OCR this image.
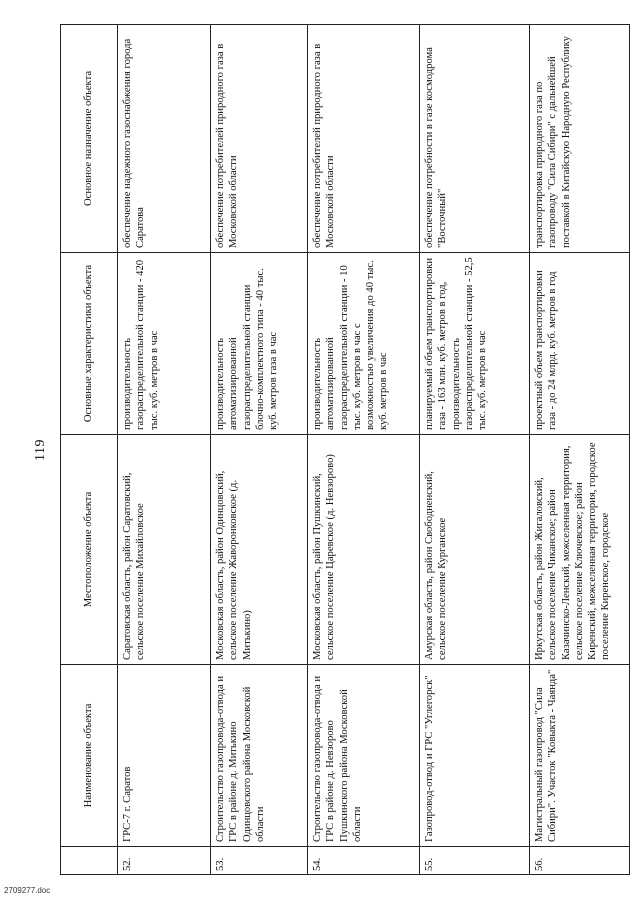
119
	Наименование объекта	Местоположение объекта	Основные характеристики объекта	Основное назначение объекта
52.	ГРС-7 г. Саратов	Саратовская область, район Саратовский, сельское поселение Михайловское	производительность газораспределительной станции - 420 тыс. куб. метров в час	обеспечение надежного газоснабжения города Саратова
53.	Строительство газопровода-отвода и ГРС в районе д. Митькино Одинцовского района Московской области	Московская область, район Одинцовский, сельское поселение Жаворонковское (д. Митькино)	производительность автоматизированной газораспределительной станции блочно-комплектного типа - 40 тыс. куб. метров газа в час	обеспечение потребителей природного газа в Московской области
54.	Строительство газопровода-отвода и ГРС в районе д. Невзорово Пушкинского района Московской области	Московская область, район Пушкинский, сельское поселение Царевское (д. Невзорово)	производительность автоматизированной газораспределительной станции - 10 тыс. куб. метров в час с возможностью увеличения до 40 тыс. куб. метров в час	обеспечение потребителей природного газа в Московской области
55.	Газопровод-отвод и ГРС "Углегорск"	Амурская область, район Свободненский, сельское поселение Курганское	планируемый объем транспортировки газа - 163 млн. куб. метров в год, производительность газораспределительной станции - 52,5 тыс. куб. метров в час	обеспечение потребности в газе космодрома "Восточный"
56.	Магистральный газопровод "Сила Сибири". Участок "Ковыкта - Чаянда"	Иркутская область, район Жигаловский, сельское поселение Чиканское; район Казачинско-Ленский, межселенная территория, сельское поселение Ключевское; район Киренский, межселенная территория, городское поселение Киренское, городское	проектный объем транспортировки газа - до 24 млрд. куб. метров в год	транспортировка природного газа по газопроводу "Сила Сибири" с дальнейшей поставкой в Китайскую Народную Республику
2709277.doc
